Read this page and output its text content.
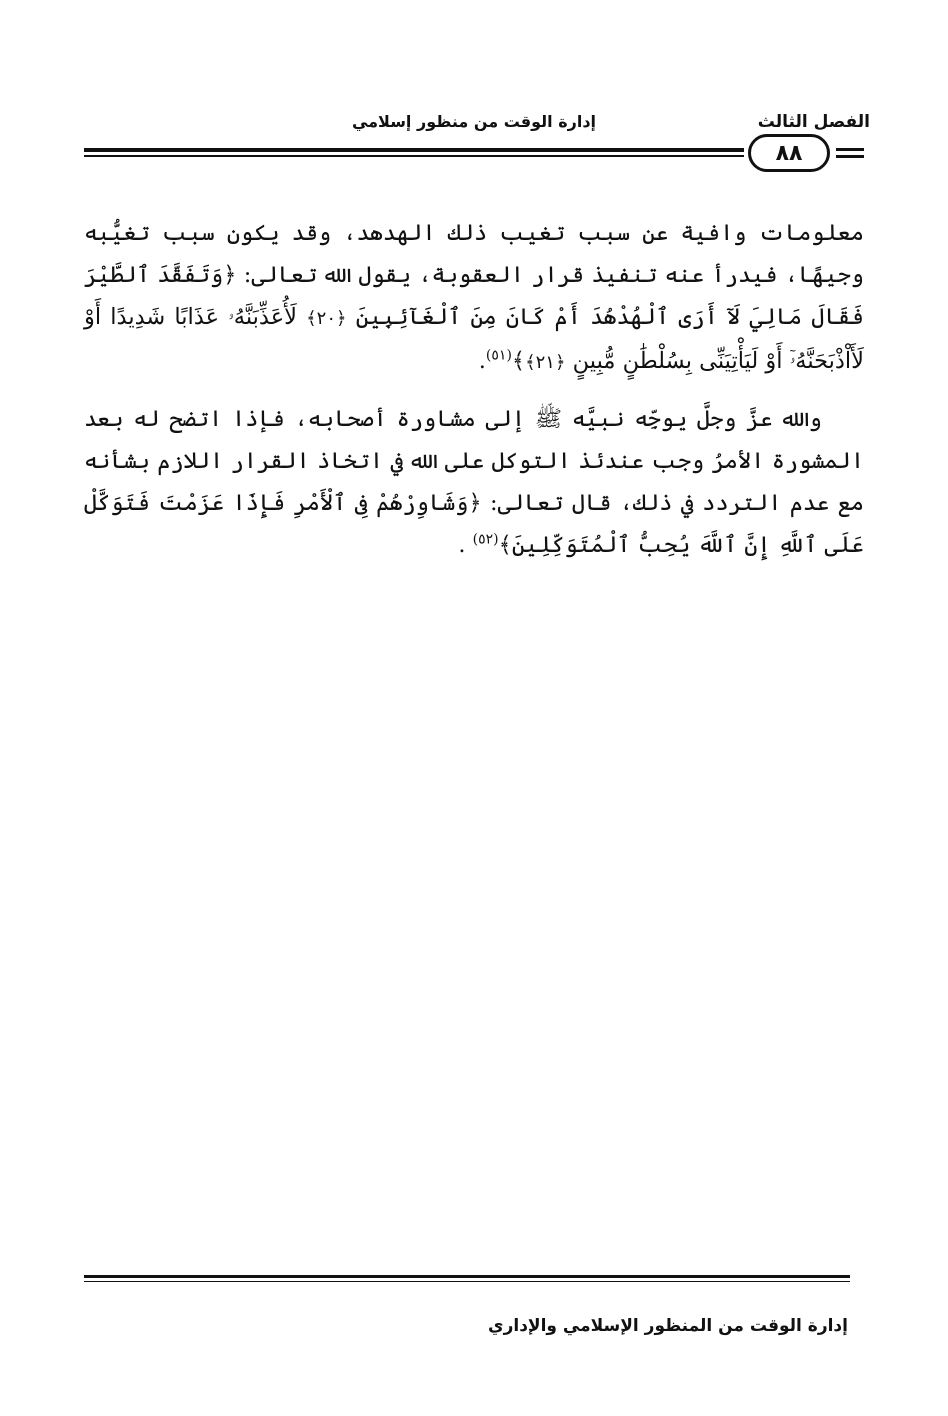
الفصل الثالث
إدارة الوقت من منظور إسلامي
٨٨

معلومات وافية عن سبب تغيب ذلك الهدهد، وقد يكون سبب تغيُّبه وجيهًا، فيدرأ عنه تنفيذ قرار العقوبة، يقول الله تعالى: ﴿وَتَفَقَّدَ ٱلطَّيْرَ فَقَالَ مَالِيَ لَآ أَرَى ٱلْهُدْهُدَ أَمْ كَانَ مِنَ ٱلْغَآئِبِينَ ﴿٢٠﴾ لَأُعَذِّبَنَّهُۥ عَذَابًا شَدِيدًا أَوْ لَأَاْذْبَحَنَّهُۥٓ أَوْ لَيَأْتِيَنِّى بِسُلْطَٰنٍ مُّبِينٍ ﴿٢١﴾﴾$^{(٥١)}$.

والله عزَّ وجلَّ يوجِّه نبيَّه ﷺ إلى مشاورة أصحابه، فإذا اتضح له بعد المشورة الأمرُ وجب عندئذ التوكل على الله في اتخاذ القرار اللازم بشأنه مع عدم التردد في ذلك، قال تعالى: ﴿وَشَاوِرْهُمْ فِى ٱلْأَمْرِ فَإِذَا عَزَمْتَ فَتَوَكَّلْ عَلَى ٱللَّهِ إِنَّ ٱللَّهَ يُحِبُّ ٱلْمُتَوَكِّلِينَ﴾$^{(٥٢)}$ .

إدارة الوقت من المنظور الإسلامي والإداري
